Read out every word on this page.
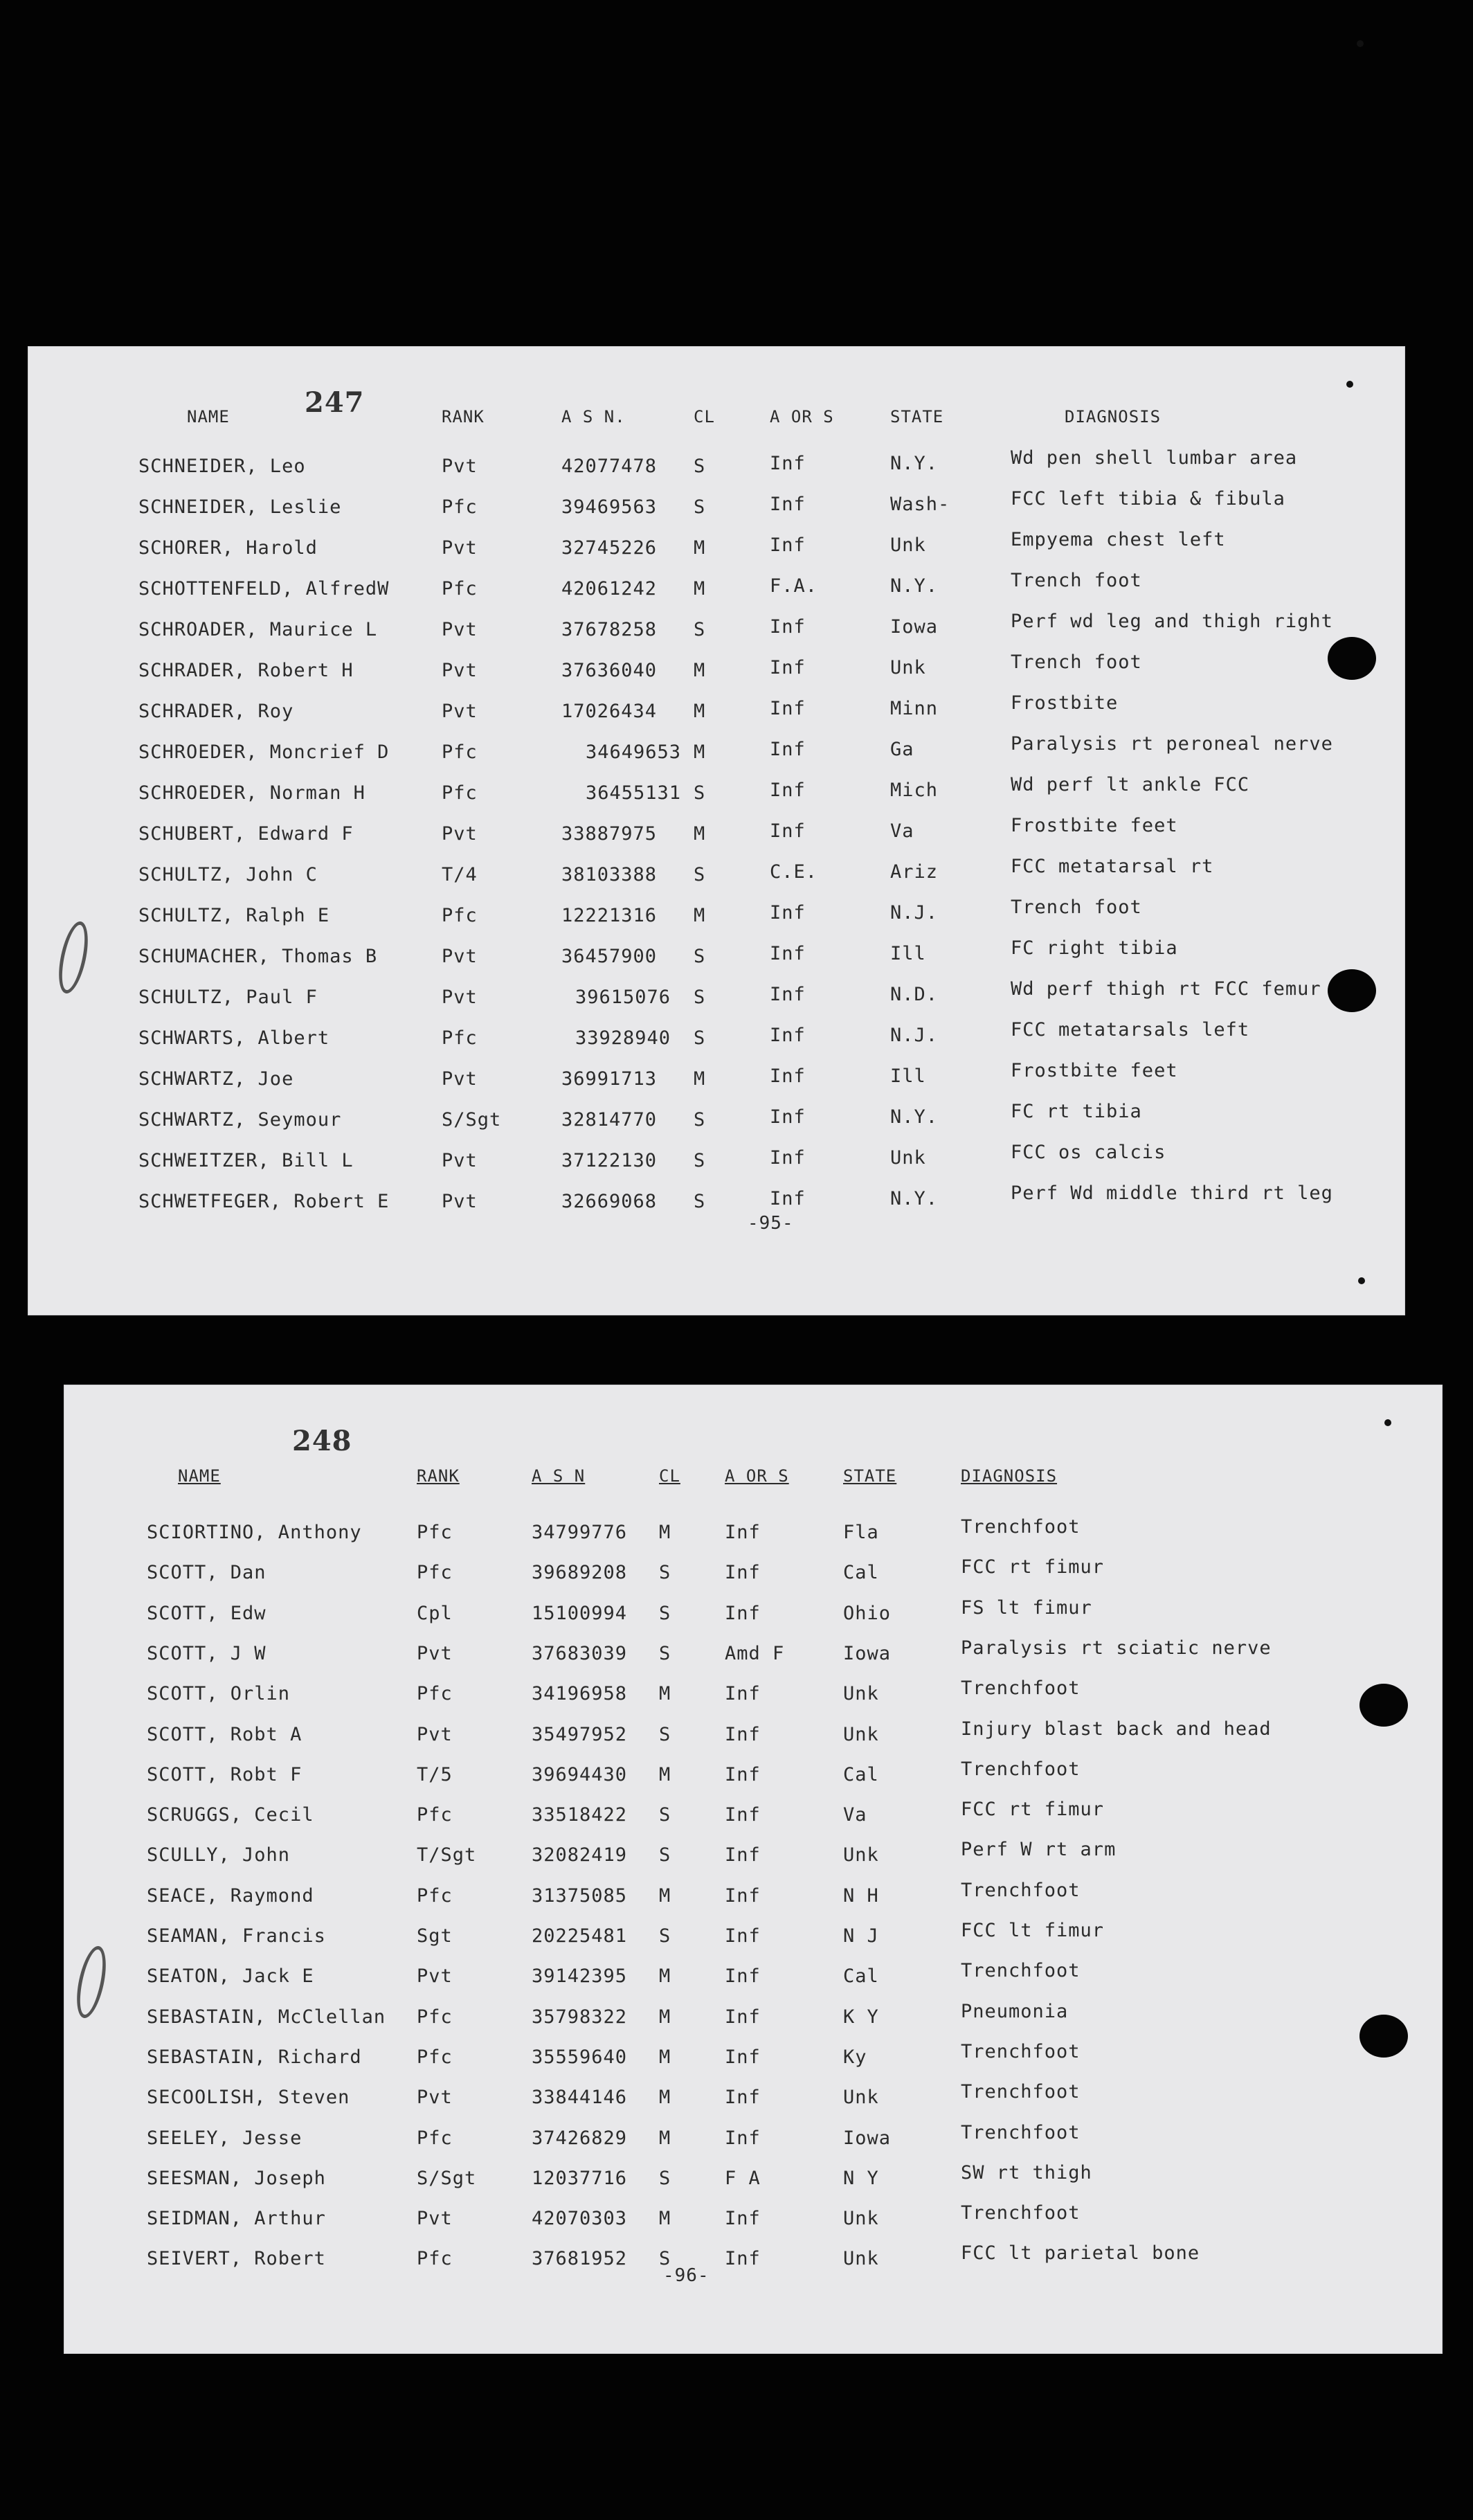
247
NAME	RANK	A S N.	CL	A OR S	STATE	DIAGNOSIS
SCHNEIDER, Leo	Pvt	42077478 S	Inf	N.Y.	Wd pen shell lumbar area
SCHNEIDER, Leslie	Pfc	39469563 S	Inf	Wash-	FCC left tibia & fibula
SCHORER, Harold	Pvt	32745226 M	Inf	Unk	Empyema chest left
SCHOTTENFELD, AlfredW	Pfc	42061242 M	F.A.	N.Y.	Trench foot
SCHROADER, Maurice L	Pvt	37678258 S	Inf	Iowa	Perf wd leg and thigh right
SCHRADER, Robert H	Pvt	37636040 M	Inf	Unk	Trench foot
SCHRADER, Roy	Pvt	17026434 M	Inf	Minn	Frostbite
SCHROEDER, Moncrief D	Pfc	34649653 M	Inf	Ga	Paralysis rt peroneal nerve
SCHROEDER, Norman H	Pfc	36455131 S	Inf	Mich	Wd perf lt ankle FCC
SCHUBERT, Edward F	Pvt	33887975 M	Inf	Va	Frostbite feet
SCHULTZ, John C	T/4	38103388 S	C.E.	Ariz	FCC metatarsal rt
SCHULTZ, Ralph E	Pfc	12221316 M	Inf	N.J.	Trench foot
SCHUMACHER, Thomas B	Pvt	36457900 S	Inf	Ill	FC right tibia
SCHULTZ, Paul F	Pvt	39615076 S	Inf	N.D.	Wd perf thigh rt FCC femur
SCHWARTS, Albert	Pfc	33928940 S	Inf	N.J.	FCC metatarsals left
SCHWARTZ, Joe	Pvt	36991713 M	Inf	Ill	Frostbite feet
SCHWARTZ, Seymour	S/Sgt	32814770 S	Inf	N.Y.	FC rt tibia
SCHWEITZER, Bill L	Pvt	37122130 S	Inf	Unk	FCC os calcis
SCHWETFEGER, Robert E	Pvt	32669068 S	Inf	N.Y.	Perf Wd middle third rt leg
-95-
248
NAME	RANK	A S N	CL	A OR S	STATE	DIAGNOSIS
SCIORTINO, Anthony	Pfc	34799776 M	Inf	Fla	Trenchfoot
SCOTT, Dan	Pfc	39689208 S	Inf	Cal	FCC rt fimur
SCOTT, Edw	Cpl	15100994 S	Inf	Ohio	FS lt fimur
SCOTT, J W	Pvt	37683039 S	Amd F	Iowa	Paralysis rt sciatic nerve
SCOTT, Orlin	Pfc	34196958 M	Inf	Unk	Trenchfoot
SCOTT, Robt A	Pvt	35497952 S	Inf	Unk	Injury blast back and head
SCOTT, Robt F	T/5	39694430 M	Inf	Cal	Trenchfoot
SCRUGGS, Cecil	Pfc	33518422 S	Inf	Va	FCC rt fimur
SCULLY, John	T/Sgt	32082419 S	Inf	Unk	Perf W rt arm
SEACE, Raymond	Pfc	31375085 M	Inf	N H	Trenchfoot
SEAMAN, Francis	Sgt	20225481 S	Inf	N J	FCC lt fimur
SEATON, Jack E	Pvt	39142395 M	Inf	Cal	Trenchfoot
SEBASTAIN, McClellan Pfc	35798322 M	Inf	K Y	Pneumonia
SEBASTAIN, Richard	Pfc	35559640 M	Inf	Ky	Trenchfoot
SECOOLISH, Steven	Pvt	33844146 M	Inf	Unk	Trenchfoot
SEELEY, Jesse	Pfc	37426829 M	Inf	Iowa	Trenchfoot
SEESMAN, Joseph	S/Sgt	12037716 S	F A	N Y	SW rt thigh
SEIDMAN, Arthur	Pvt	42070303 M	Inf	Unk	Trenchfoot
SEIVERT, Robert	Pfc	37681952 S	Inf	Unk	FCC lt parietal bone
-96-
